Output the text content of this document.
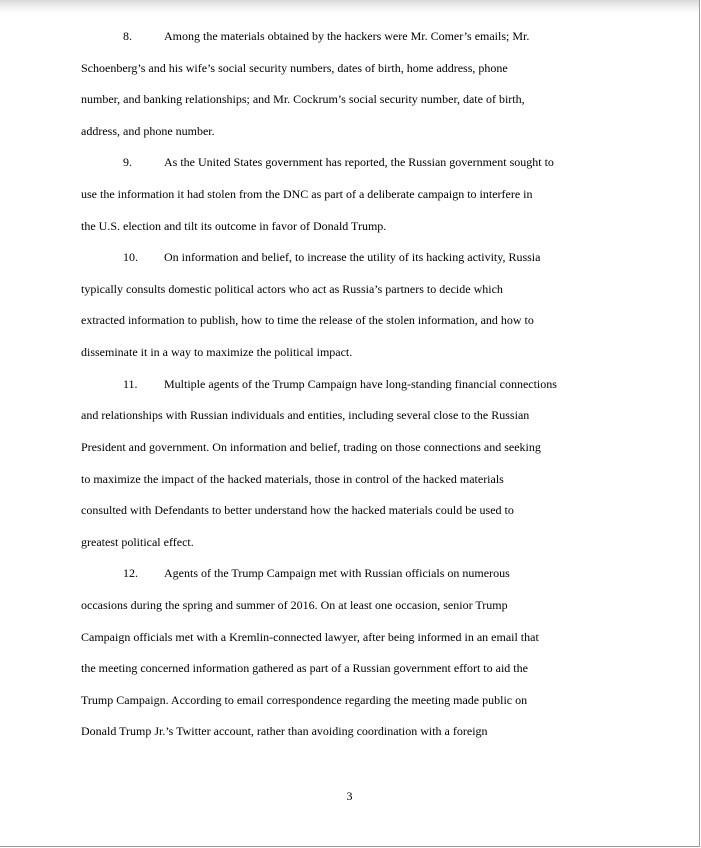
8.	Among the materials obtained by the hackers were Mr. Comer’s emails; Mr.
Schoenberg’s and his wife’s social security numbers, dates of birth, home address, phone
number, and banking relationships; and Mr. Cockrum’s social security number, date of birth,
address, and phone number.
9.	As the United States government has reported, the Russian government sought to
use the information it had stolen from the DNC as part of a deliberate campaign to interfere in
the U.S. election and tilt its outcome in favor of Donald Trump.
10. On information and belief, to increase the utility of its hacking activity, Russia
typically consults domestic political actors who act as Russia’s partners to decide which
extracted information to publish, how to time the release of the stolen information, and how to
disseminate it in a way to maximize the political impact.
11. Multiple agents of the Trump Campaign have long-standing financial connections
and relationships with Russian individuals and entities, including several close to the Russian
President and government. On information and belief, trading on those connections and seeking
to maximize the impact of the hacked materials, those in control of the hacked materials
consulted with Defendants to better understand how the hacked materials could be used to
greatest political effect.
12. Agents of the Trump Campaign met with Russian officials on numerous
occasions during the spring and summer of 2016. On at least one occasion, senior Trump
Campaign officials met with a Kremlin-connected lawyer, after being informed in an email that
the meeting concerned information gathered as part of a Russian government effort to aid the
Trump Campaign. According to email correspondence regarding the meeting made public on
Donald Trump Jr.’s Twitter account, rather than avoiding coordination with a foreign
3
